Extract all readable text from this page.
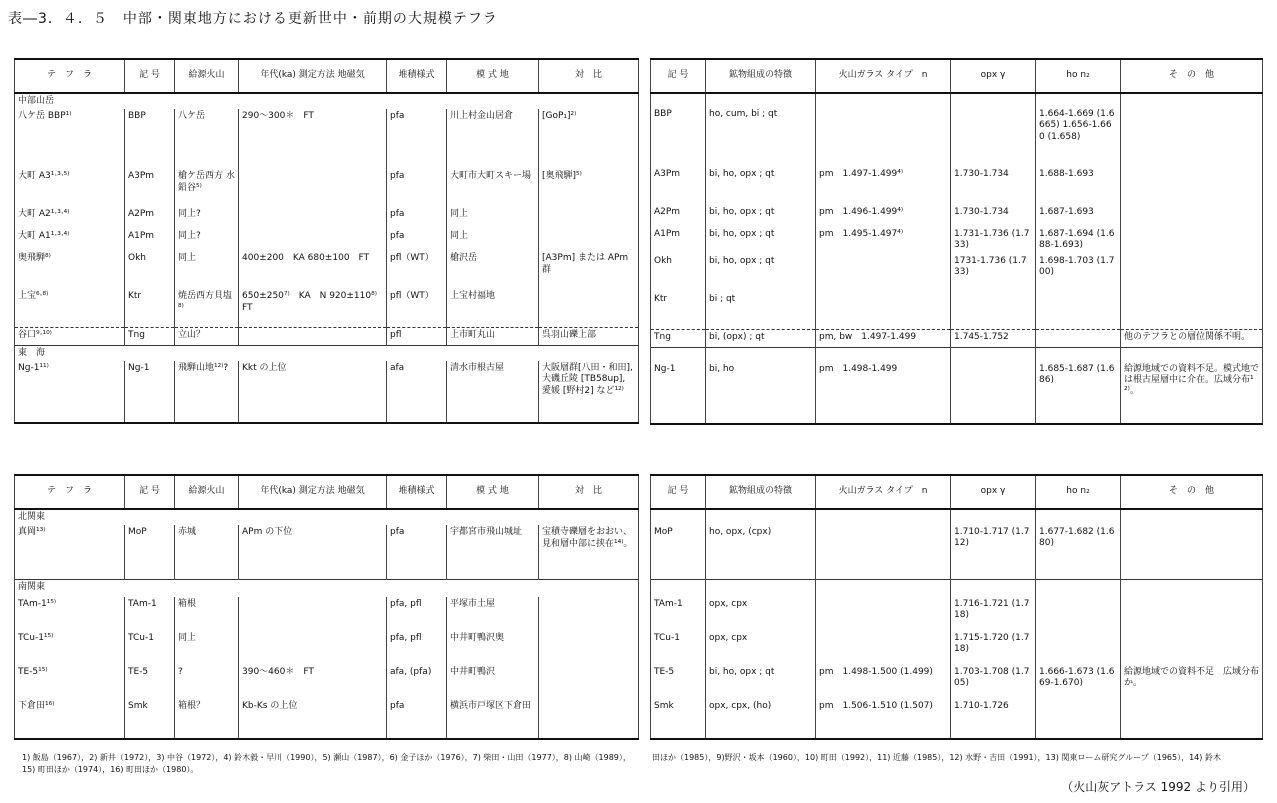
表―3．４．５　中部・関東地方における更新世中・前期の大規模テフラ
テ　フ　ラ	記 号	給源火山	年代(ka) 測定方法 地磁気	堆積様式	模 式 地	対　比
中部山岳						
八ケ岳 BBP¹⁾	BBP	八ケ岳	290〜300＊　FT	pfa	川上村金山居倉	[GoP₁]²⁾
大町 A3¹·³·⁵⁾	A3Pm	槍ケ岳西方 水鉛谷⁵⁾		pfa	大町市大町スキー場	[奥飛騨]⁵⁾
大町 A2¹·³·⁴⁾	A2Pm	同上?		pfa	同上	
大町 A1¹·³·⁴⁾	A1Pm	同上?		pfa	同上	
奥飛騨⁸⁾	Okh	同上	400±200　KA 680±100　FT	pfl（WT）	槍沢岳	[A3Pm] または APm 群
上宝⁶·⁸⁾	Ktr	焼岳西方貝塩⁸⁾	650±250⁷⁾　KA　N 920±110⁸⁾　FT	pfl（WT）	上宝村福地	
谷口⁹·¹⁰⁾	Tng	立山？		pfl	上市町丸山	呉羽山礫上部
東　海						
Ng-1¹¹⁾	Ng-1	飛騨山地¹²⁾?	Kkt の上位	afa	清水市根古屋	大阪層群[八田・和田], 大磯丘陵 [TB58up], 愛媛 [野村2] など¹²⁾
記 号	鉱物組成の特徴	火山ガラス タイプ　n	opx γ	ho n₂	そ　の　他

BBP	ho, cum, bi ; qt			1.664-1.669 (1.6665) 1.656-1.660 (1.658)	
A3Pm	bi, ho, opx ; qt	pm　1.497-1.499⁴⁾	1.730-1.734	1.688-1.693	
A2Pm	bi, ho, opx ; qt	pm　1.496-1.499⁴⁾	1.730-1.734	1.687-1.693	
A1Pm	bi, ho, opx ; qt	pm　1.495-1.497⁴⁾	1.731-1.736 (1.733)	1.687-1.694 (1.688-1.693)	
Okh	bi, ho, opx ; qt		1731-1.736 (1.733)	1.698-1.703 (1.700)	
Ktr	bi ; qt				
Tng	bi, (opx) ; qt	pm, bw　1.497-1.499	1.745-1.752		他のテフラとの層位関係不明。

Ng-1	bi, ho	pm　1.498-1.499		1.685-1.687 (1.686)	給源地域での資料不足。模式地では根古屋層中に介在。広域分布¹²⁾。
テ　フ　ラ	記 号	給源火山	年代(ka) 測定方法 地磁気	堆積様式	模 式 地	対　比
北関東						
真岡¹³⁾	MoP	赤城	APm の下位	pfa	宇都宮市飛山城址	宝積寺礫層をおおい、見和層中部に挟在¹⁴⁾。
南関東						
TAm-1¹⁵⁾	TAm-1	箱根		pfa, pfl	平塚市土屋	
TCu-1¹⁵⁾	TCu-1	同上		pfa, pfl	中井町鴨沢奥	
TE-5¹⁵⁾	TE-5	?	390〜460＊　FT	afa, (pfa)	中井町鴨沢	
下倉田¹⁶⁾	Smk	箱根？	Kb-Ks の上位	pfa	横浜市戸塚区下倉田	
記 号	鉱物組成の特徴	火山ガラス タイプ　n	opx γ	ho n₂	そ　の　他

MoP	ho, opx, (cpx)		1.710-1.717 (1.712)	1.677-1.682 (1.680)	

TAm-1	opx, cpx		1.716-1.721 (1.718)		
TCu-1	opx, cpx		1.715-1.720 (1.718)		
TE-5	bi, ho, opx ; qt	pm　1.498-1.500 (1.499)	1.703-1.708 (1.705)	1.666-1.673 (1.669-1.670)	給源地域での資料不足　広域分布か。
Smk	opx, cpx, (ho)	pm　1.506-1.510 (1.507)	1.710-1.726		
1) 飯島（1967），2) 新井（1972），3) 中谷（1972），4) 鈴木毅・早川（1990），5) 瀬山（1987），6) 金子ほか（1976），7) 柴田・山田（1977），8) 山崎（1989），15) 町田ほか（1974），16) 町田ほか（1980）。
田ほか（1985），9)野沢・坂本（1960），10) 町田（1992），11) 近藤（1985），12) 水野・吉田（1991），13) 関東ローム研究グループ（1965），14) 鈴木
（火山灰アトラス 1992 より引用）
